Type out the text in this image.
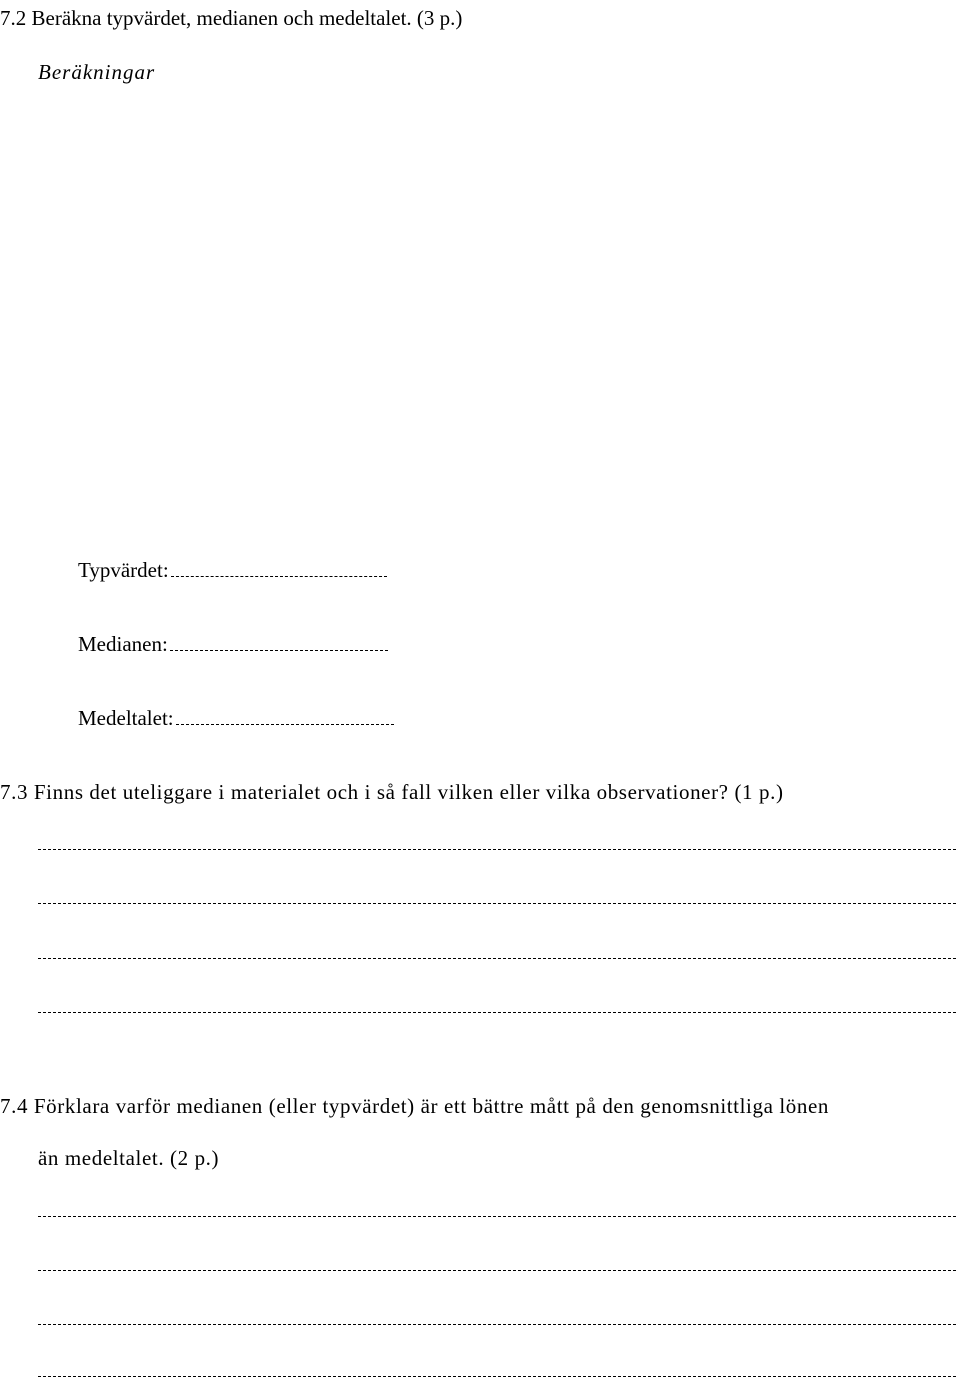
7.2 Beräkna typvärdet, medianen och medeltalet. (3 p.)

Beräkningar

Typvärdet:
Medianen:
Medeltalet:

7.3 Finns det uteliggare i materialet och i så fall vilken eller vilka observationer? (1 p.)

7.4 Förklara varför medianen (eller typvärdet) är ett bättre mått på den genomsnittliga lönen

än medeltalet. (2 p.)
